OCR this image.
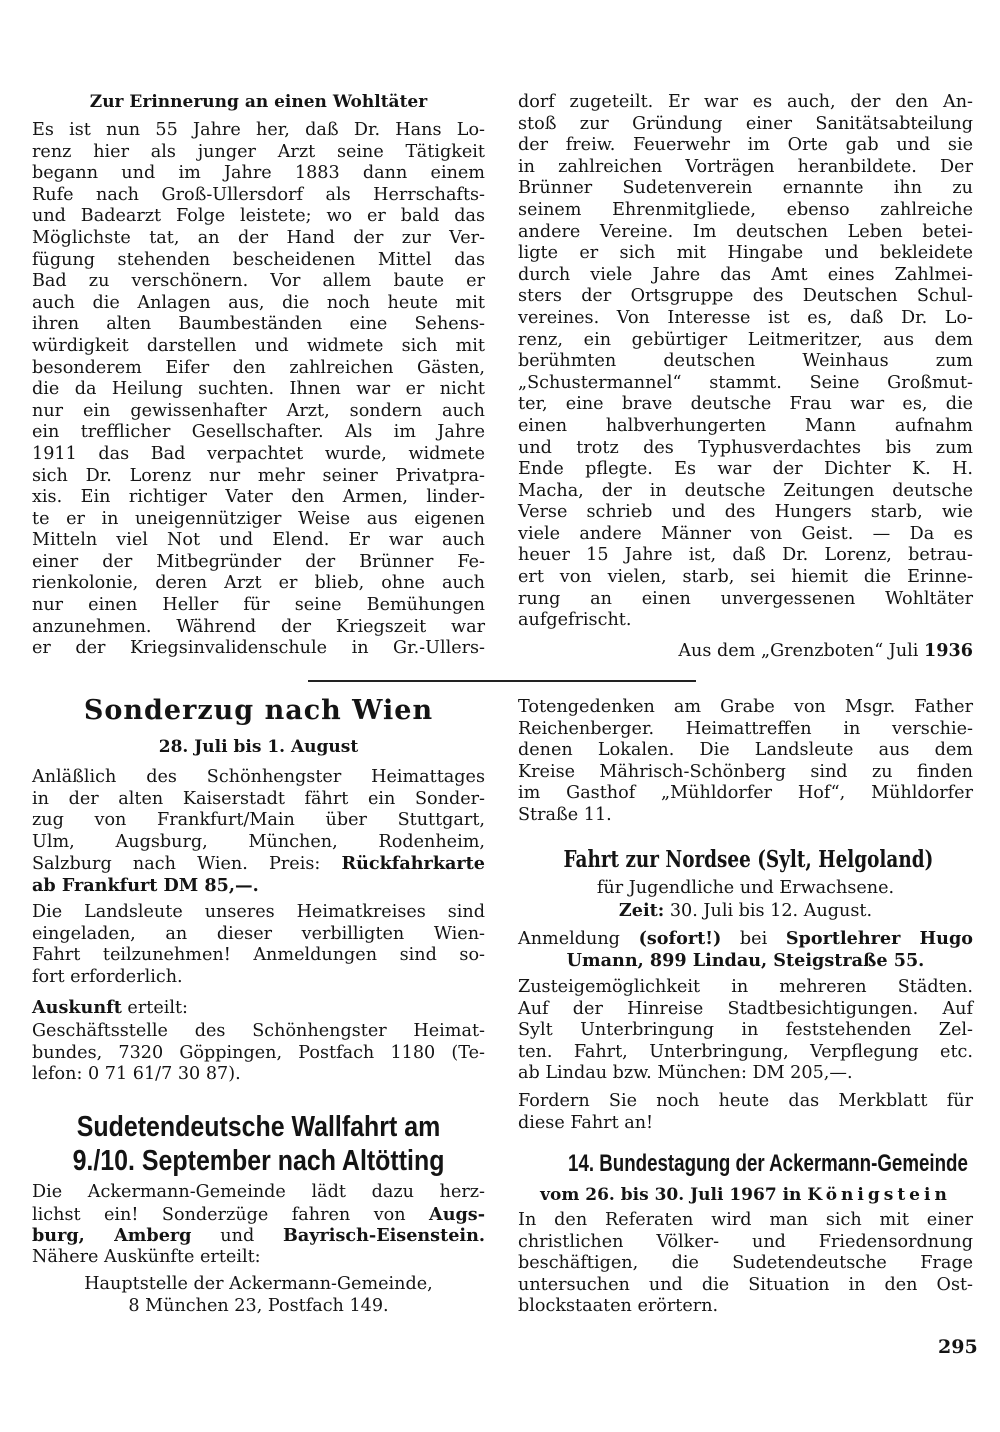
Zur Erinnerung an einen Wohltäter
Es ist nun 55 Jahre her, daß Dr. Hans Lo-
renz hier als junger Arzt seine Tätigkeit
begann und im Jahre 1883 dann einem
Rufe nach Groß-Ullersdorf als Herrschafts-
und Badearzt Folge leistete; wo er bald das
Möglichste tat, an der Hand der zur Ver-
fügung stehenden bescheidenen Mittel das
Bad zu verschönern. Vor allem baute er
auch die Anlagen aus, die noch heute mit
ihren alten Baumbeständen eine Sehens-
würdigkeit darstellen und widmete sich mit
besonderem Eifer den zahlreichen Gästen,
die da Heilung suchten. Ihnen war er nicht
nur ein gewissenhafter Arzt, sondern auch
ein trefflicher Gesellschafter. Als im Jahre
1911 das Bad verpachtet wurde, widmete
sich Dr. Lorenz nur mehr seiner Privatpra-
xis. Ein richtiger Vater den Armen, linder-
te er in uneigennütziger Weise aus eigenen
Mitteln viel Not und Elend. Er war auch
einer der Mitbegründer der Brünner Fe-
rienkolonie, deren Arzt er blieb, ohne auch
nur einen Heller für seine Bemühungen
anzunehmen. Während der Kriegszeit war
er der Kriegsinvalidenschule in Gr.-Ullers-
dorf zugeteilt. Er war es auch, der den An-
stoß zur Gründung einer Sanitätsabteilung
der freiw. Feuerwehr im Orte gab und sie
in zahlreichen Vorträgen heranbildete. Der
Brünner Sudetenverein ernannte ihn zu
seinem Ehrenmitgliede, ebenso zahlreiche
andere Vereine. Im deutschen Leben betei-
ligte er sich mit Hingabe und bekleidete
durch viele Jahre das Amt eines Zahlmei-
sters der Ortsgruppe des Deutschen Schul-
vereines. Von Interesse ist es, daß Dr. Lo-
renz, ein gebürtiger Leitmeritzer, aus dem
berühmten deutschen Weinhaus zum
„Schustermannel“ stammt. Seine Großmut-
ter, eine brave deutsche Frau war es, die
einen halbverhungerten Mann aufnahm
und trotz des Typhusverdachtes bis zum
Ende pflegte. Es war der Dichter K. H.
Macha, der in deutsche Zeitungen deutsche
Verse schrieb und des Hungers starb, wie
viele andere Männer von Geist. — Da es
heuer 15 Jahre ist, daß Dr. Lorenz, betrau-
ert von vielen, starb, sei hiemit die Erinne-
rung an einen unvergessenen Wohltäter
aufgefrischt.
Aus dem „Grenzboten“ Juli 1936
Sonderzug nach Wien
28. Juli bis 1. August
Anläßlich des Schönhengster Heimattages
in der alten Kaiserstadt fährt ein Sonder-
zug von Frankfurt/Main über Stuttgart,
Ulm, Augsburg, München, Rodenheim,
Salzburg nach Wien. Preis: Rückfahrkarte
ab Frankfurt DM 85,—.
Die Landsleute unseres Heimatkreises sind
eingeladen, an dieser verbilligten Wien-
Fahrt teilzunehmen! Anmeldungen sind so-
fort erforderlich.
Auskunft erteilt:
Geschäftsstelle des Schönhengster Heimat-
bundes, 7320 Göppingen, Postfach 1180 (Te-
lefon: 0 71 61/7 30 87).
Sudetendeutsche Wallfahrt am
9./10. September nach Altötting
Die Ackermann-Gemeinde lädt dazu herz-
lichst ein! Sonderzüge fahren von Augs-
burg, Amberg und Bayrisch-Eisenstein.
Nähere Auskünfte erteilt:
Hauptstelle der Ackermann-Gemeinde,
8 München 23, Postfach 149.
Totengedenken am Grabe von Msgr. Father
Reichenberger. Heimattreffen in verschie-
denen Lokalen. Die Landsleute aus dem
Kreise Mährisch-Schönberg sind zu finden
im Gasthof „Mühldorfer Hof“, Mühldorfer
Straße 11.
Fahrt zur Nordsee (Sylt, Helgoland)
für Jugendliche und Erwachsene.
Zeit: 30. Juli bis 12. August.
Anmeldung (sofort!) bei Sportlehrer Hugo
Umann, 899 Lindau, Steigstraße 55.
Zusteigemöglichkeit in mehreren Städten.
Auf der Hinreise Stadtbesichtigungen. Auf
Sylt Unterbringung in feststehenden Zel-
ten. Fahrt, Unterbringung, Verpflegung etc.
ab Lindau bzw. München: DM 205,—.
Fordern Sie noch heute das Merkblatt für
diese Fahrt an!
14. Bundestagung der Ackermann-Gemeinde
vom 26. bis 30. Juli 1967 in Königstein
In den Referaten wird man sich mit einer
christlichen Völker- und Friedensordnung
beschäftigen, die Sudetendeutsche Frage
untersuchen und die Situation in den Ost-
blockstaaten erörtern.
295
